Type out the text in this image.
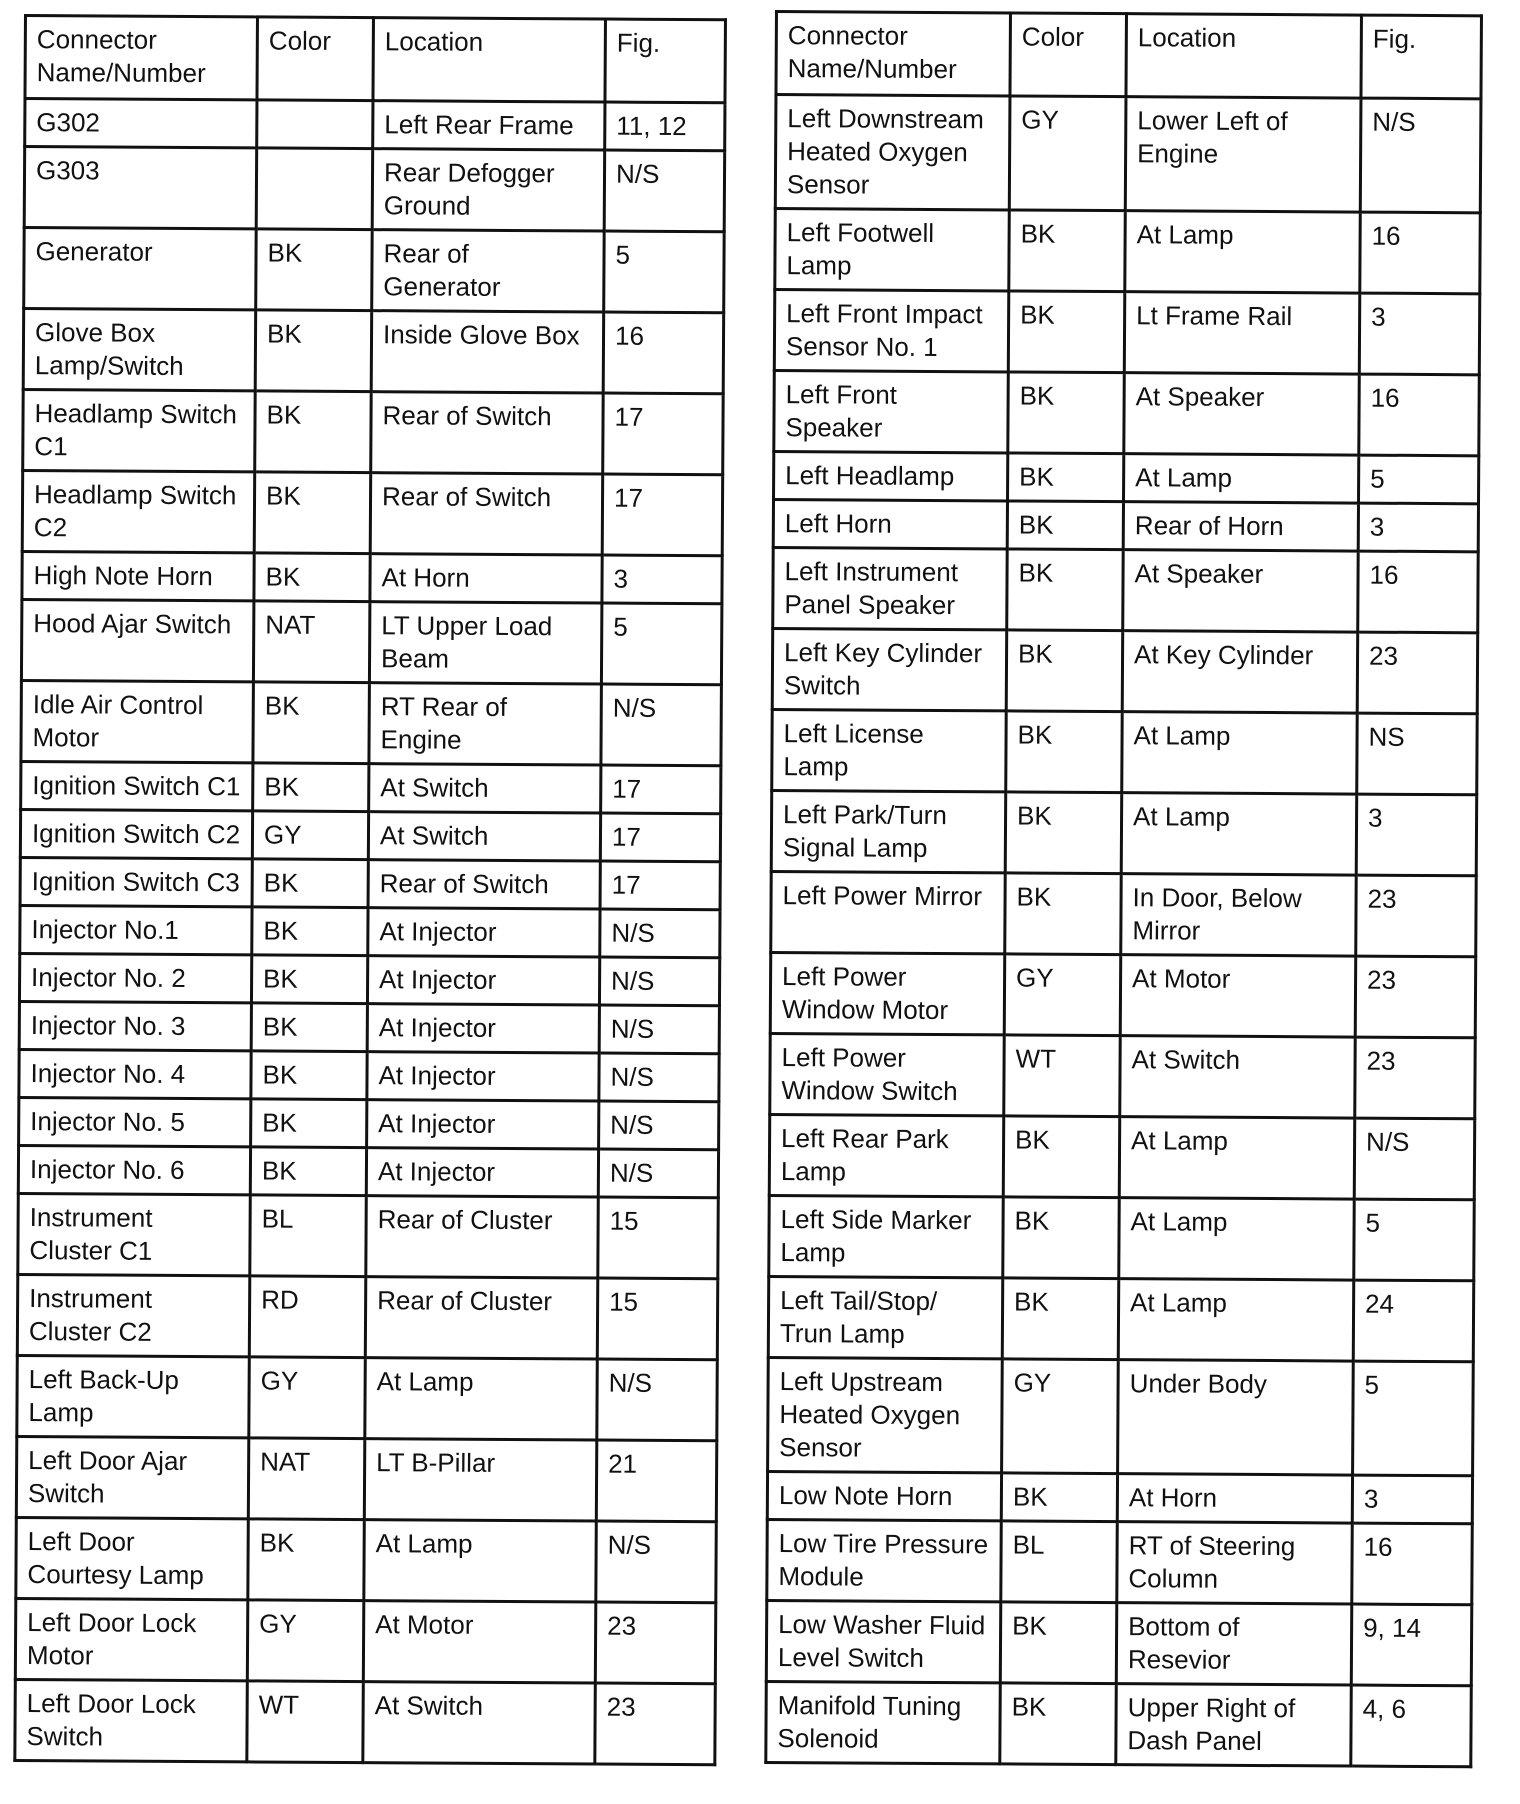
Connector Name/Number	Color	Location	Fig.
G302		Left Rear Frame	11, 12
G303		Rear Defogger Ground	N/S
Generator	BK	Rear of Generator	5
Glove Box Lamp/Switch	BK	Inside Glove Box	16
Headlamp Switch C1	BK	Rear of Switch	17
Headlamp Switch C2	BK	Rear of Switch	17
High Note Horn	BK	At Horn	3
Hood Ajar Switch	NAT	LT Upper Load Beam	5
Idle Air Control Motor	BK	RT Rear of Engine	N/S
Ignition Switch C1	BK	At Switch	17
Ignition Switch C2	GY	At Switch	17
Ignition Switch C3	BK	Rear of Switch	17
Injector No.1	BK	At Injector	N/S
Injector No. 2	BK	At Injector	N/S
Injector No. 3	BK	At Injector	N/S
Injector No. 4	BK	At Injector	N/S
Injector No. 5	BK	At Injector	N/S
Injector No. 6	BK	At Injector	N/S
Instrument Cluster C1	BL	Rear of Cluster	15
Instrument Cluster C2	RD	Rear of Cluster	15
Left Back-Up Lamp	GY	At Lamp	N/S
Left Door Ajar Switch	NAT	LT B-Pillar	21
Left Door Courtesy Lamp	BK	At Lamp	N/S
Left Door Lock Motor	GY	At Motor	23
Left Door Lock Switch	WT	At Switch	23
Connector Name/Number	Color	Location	Fig.
Left Downstream Heated Oxygen Sensor	GY	Lower Left of Engine	N/S
Left Footwell Lamp	BK	At Lamp	16
Left Front Impact Sensor No. 1	BK	Lt Frame Rail	3
Left Front Speaker	BK	At Speaker	16
Left Headlamp	BK	At Lamp	5
Left Horn	BK	Rear of Horn	3
Left Instrument Panel Speaker	BK	At Speaker	16
Left Key Cylinder Switch	BK	At Key Cylinder	23
Left License Lamp	BK	At Lamp	NS
Left Park/Turn Signal Lamp	BK	At Lamp	3
Left Power Mirror	BK	In Door, Below Mirror	23
Left Power Window Motor	GY	At Motor	23
Left Power Window Switch	WT	At Switch	23
Left Rear Park Lamp	BK	At Lamp	N/S
Left Side Marker Lamp	BK	At Lamp	5
Left Tail/Stop/ Trun Lamp	BK	At Lamp	24
Left Upstream Heated Oxygen Sensor	GY	Under Body	5
Low Note Horn	BK	At Horn	3
Low Tire Pressure Module	BL	RT of Steering Column	16
Low Washer Fluid Level Switch	BK	Bottom of Resevior	9, 14
Manifold Tuning Solenoid	BK	Upper Right of Dash Panel	4, 6
